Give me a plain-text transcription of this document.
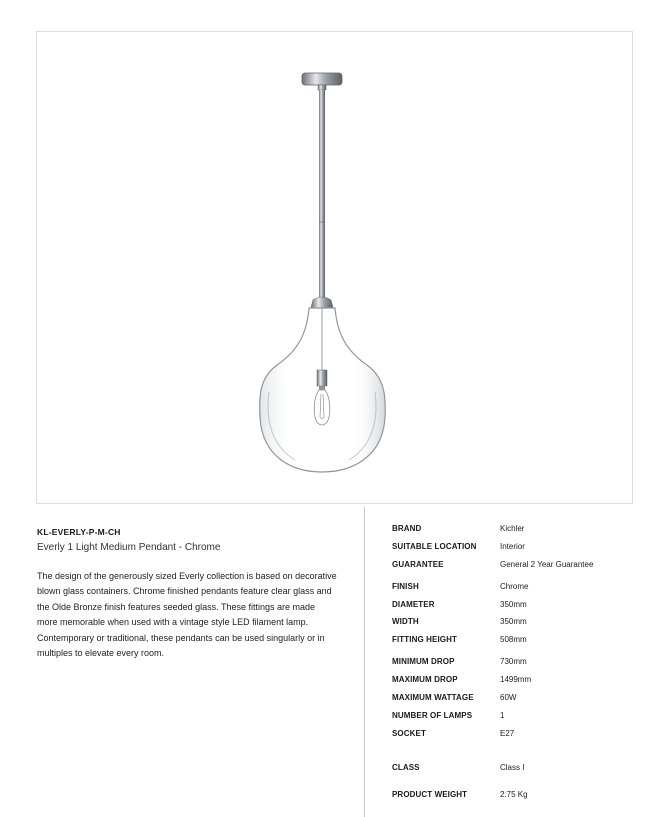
KL-EVERLY-P-M-CH
Everly 1 Light Medium Pendant - Chrome

The design of the generously sized Everly collection is based on decorative blown glass containers. Chrome finished pendants feature clear glass and the Olde Bronze finish features seeded glass. These fittings are made more memorable when used with a vintage style LED filament lamp. Contemporary or traditional, these pendants can be used singularly or in multiples to elevate every room.

BRAND	Kichler
SUITABLE LOCATION	Interior
GUARANTEE	General 2 Year Guarantee
FINISH	Chrome
DIAMETER	350mm
WIDTH	350mm
FITTING HEIGHT	508mm
MINIMUM DROP	730mm
MAXIMUM DROP	1499mm
MAXIMUM WATTAGE	60W
NUMBER OF LAMPS	1
SOCKET	E27
CLASS	Class I
PRODUCT WEIGHT	2.75 Kg
